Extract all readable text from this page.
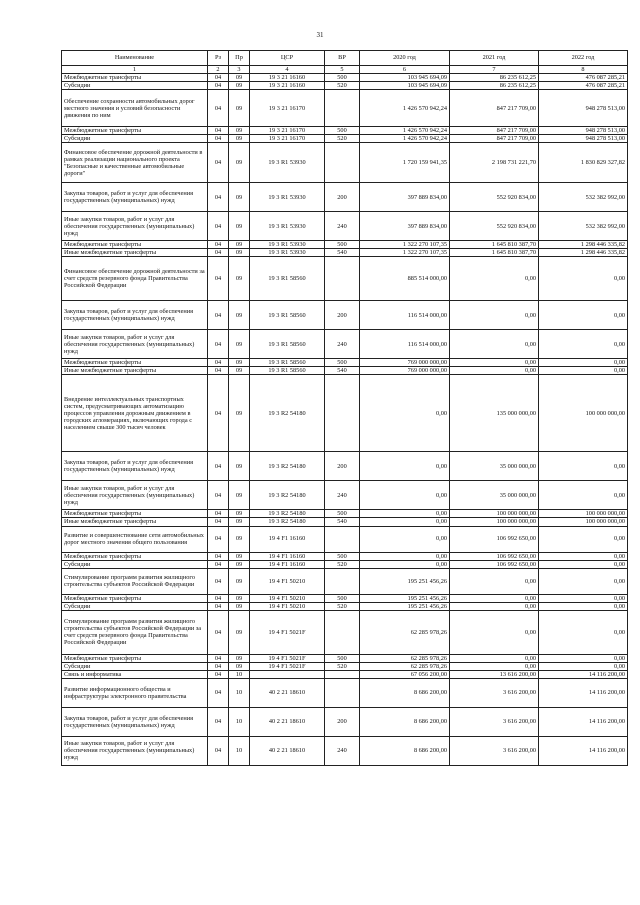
31
Наименование	Рз	Пр	ЦСР	ВР	2020 год	2021 год	2022 год
1	2	3	4	5	6	7	8
Межбюджетные трансферты	04	09	19 3 21 16160	500	103 945 694,09	86 235 612,25	476 087 285,21
Субсидии	04	09	19 3 21 16160	520	103 945 694,09	86 235 612,25	476 087 285,21
Обеспечение сохранности автомобильных дорог местного значения и условий безопасности движения по ним	04	09	19 3 21 16170		1 426 570 942,24	847 217 709,00	948 278 513,00
Межбюджетные трансферты	04	09	19 3 21 16170	500	1 426 570 942,24	847 217 709,00	948 278 513,00
Субсидии	04	09	19 3 21 16170	520	1 426 570 942,24	847 217 709,00	948 278 513,00
Финансовое обеспечение дорожной деятельности в рамках реализации национального проекта "Безопасные и качественные автомобильные дороги"	04	09	19 3 R1 53930		1 720 159 941,35	2 198 731 221,70	1 830 829 327,82
Закупка товаров, работ и услуг для обеспечения государственных (муниципальных) нужд	04	09	19 3 R1 53930	200	397 889 834,00	552 920 834,00	532 382 992,00
Иные закупки товаров, работ и услуг для обеспечения государственных (муниципальных) нужд	04	09	19 3 R1 53930	240	397 889 834,00	552 920 834,00	532 382 992,00
Межбюджетные трансферты	04	09	19 3 R1 53930	500	1 322 270 107,35	1 645 810 387,70	1 298 446 335,82
Иные межбюджетные трансферты	04	09	19 3 R1 53930	540	1 322 270 107,35	1 645 810 387,70	1 298 446 335,82
Финансовое обеспечение дорожной деятельности за счет средств резервного фонда Правительства Российской Федерации	04	09	19 3 R1 58560		885 514 000,00	0,00	0,00
Закупка товаров, работ и услуг для обеспечения государственных (муниципальных) нужд	04	09	19 3 R1 58560	200	116 514 000,00	0,00	0,00
Иные закупки товаров, работ и услуг для обеспечения государственных (муниципальных) нужд	04	09	19 3 R1 58560	240	116 514 000,00	0,00	0,00
Межбюджетные трансферты	04	09	19 3 R1 58560	500	769 000 000,00	0,00	0,00
Иные межбюджетные трансферты	04	09	19 3 R1 58560	540	769 000 000,00	0,00	0,00
Внедрение интеллектуальных транспортных систем, предусматривающих автоматизацию процессов управления дорожным движением в городских агломерациях, включающих города с населением свыше 300 тысяч человек	04	09	19 3 R2 54180		0,00	135 000 000,00	100 000 000,00
Закупка товаров, работ и услуг для обеспечения государственных (муниципальных) нужд	04	09	19 3 R2 54180	200	0,00	35 000 000,00	0,00
Иные закупки товаров, работ и услуг для обеспечения государственных (муниципальных) нужд	04	09	19 3 R2 54180	240	0,00	35 000 000,00	0,00
Межбюджетные трансферты	04	09	19 3 R2 54180	500	0,00	100 000 000,00	100 000 000,00
Иные межбюджетные трансферты	04	09	19 3 R2 54180	540	0,00	100 000 000,00	100 000 000,00
Развитие и совершенствование сети автомобильных дорог местного значения общего пользования	04	09	19 4 F1 16160		0,00	106 992 650,00	0,00
Межбюджетные трансферты	04	09	19 4 F1 16160	500	0,00	106 992 650,00	0,00
Субсидии	04	09	19 4 F1 16160	520	0,00	106 992 650,00	0,00
Стимулирование программ развития жилищного строительства субъектов Российской Федерации	04	09	19 4 F1 50210		195 251 456,26	0,00	0,00
Межбюджетные трансферты	04	09	19 4 F1 50210	500	195 251 456,26	0,00	0,00
Субсидии	04	09	19 4 F1 50210	520	195 251 456,26	0,00	0,00
Стимулирование программ развития жилищного строительства субъектов Российской Федерации за счет средств резервного фонда Правительства Российской Федерации	04	09	19 4 F1 5021F		62 285 978,26	0,00	0,00
Межбюджетные трансферты	04	09	19 4 F1 5021F	500	62 285 978,26	0,00	0,00
Субсидии	04	09	19 4 F1 5021F	520	62 285 978,26	0,00	0,00
Связь и информатика	04	10			67 056 200,00	13 616 200,00	14 116 200,00
Развитие информационного общества и инфраструктуры электронного правительства	04	10	40 2 21 18610		8 686 200,00	3 616 200,00	14 116 200,00
Закупка товаров, работ и услуг для обеспечения государственных (муниципальных) нужд	04	10	40 2 21 18610	200	8 686 200,00	3 616 200,00	14 116 200,00
Иные закупки товаров, работ и услуг для обеспечения государственных (муниципальных) нужд	04	10	40 2 21 18610	240	8 686 200,00	3 616 200,00	14 116 200,00
